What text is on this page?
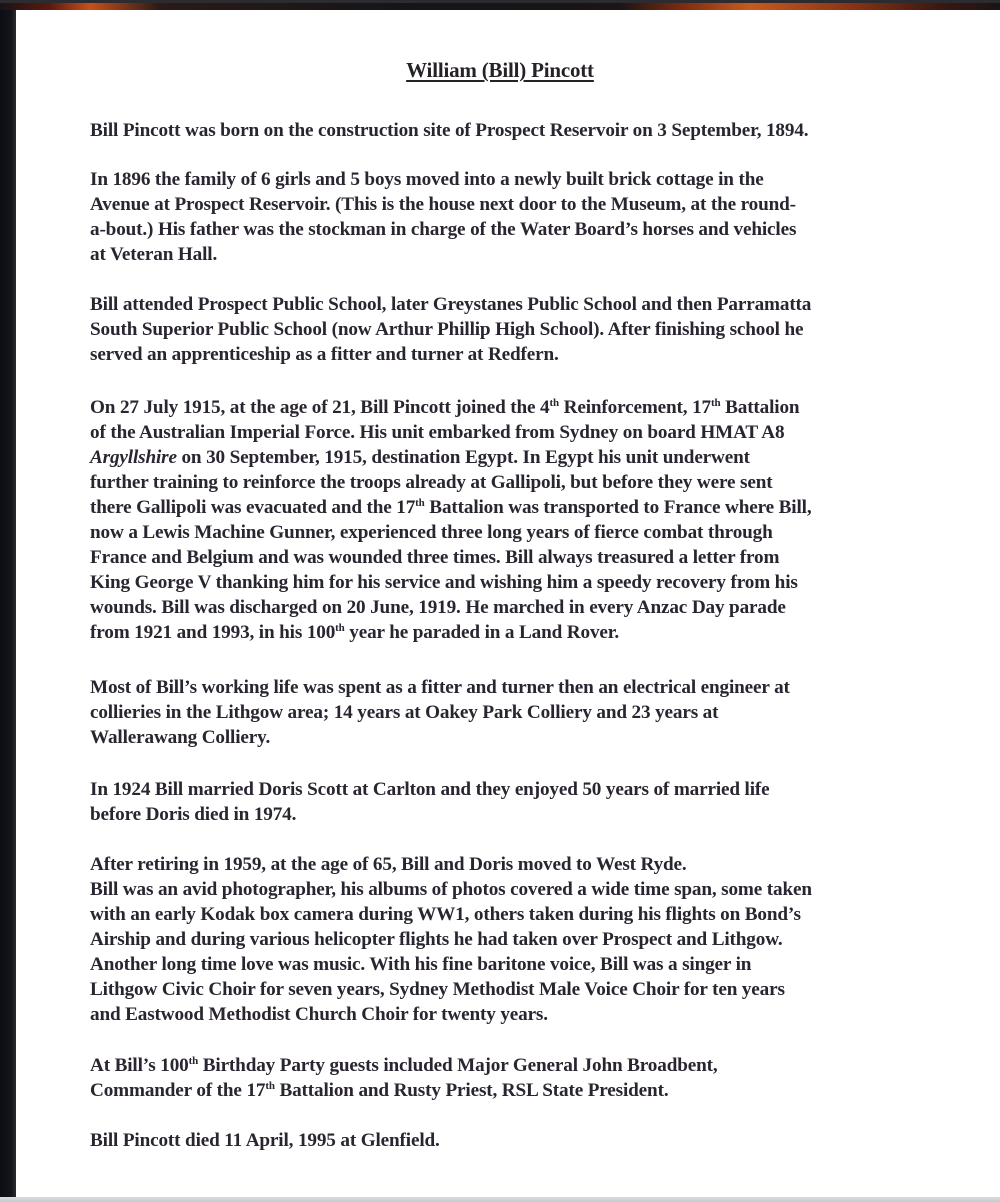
William (Bill) Pincott
Bill Pincott was born on the construction site of Prospect Reservoir on 3 September, 1894.
In 1896 the family of 6 girls and 5 boys moved into a newly built brick cottage in the
Avenue at Prospect Reservoir. (This is the house next door to the Museum, at the round-
a-bout.) His father was the stockman in charge of the Water Board’s horses and vehicles
at Veteran Hall.
Bill attended Prospect Public School, later Greystanes Public School and then Parramatta
South Superior Public School (now Arthur Phillip High School). After finishing school he
served an apprenticeship as a fitter and turner at Redfern.
On 27 July 1915, at the age of 21, Bill Pincott joined the 4th Reinforcement, 17th Battalion
of the Australian Imperial Force. His unit embarked from Sydney on board HMAT A8
Argyllshire on 30 September, 1915, destination Egypt. In Egypt his unit underwent
further training to reinforce the troops already at Gallipoli, but before they were sent
there Gallipoli was evacuated and the 17th Battalion was transported to France where Bill,
now a Lewis Machine Gunner, experienced three long years of fierce combat through
France and Belgium and was wounded three times. Bill always treasured a letter from
King George V thanking him for his service and wishing him a speedy recovery from his
wounds. Bill was discharged on 20 June, 1919. He marched in every Anzac Day parade
from 1921 and 1993, in his 100th year he paraded in a Land Rover.
Most of Bill’s working life was spent as a fitter and turner then an electrical engineer at
collieries in the Lithgow area; 14 years at Oakey Park Colliery and 23 years at
Wallerawang Colliery.
In 1924 Bill married Doris Scott at Carlton and they enjoyed 50 years of married life
before Doris died in 1974.
After retiring in 1959, at the age of 65, Bill and Doris moved to West Ryde.
Bill was an avid photographer, his albums of photos covered a wide time span, some taken
with an early Kodak box camera during WW1, others taken during his flights on Bond’s
Airship and during various helicopter flights he had taken over Prospect and Lithgow.
Another long time love was music. With his fine baritone voice, Bill was a singer in
Lithgow Civic Choir for seven years, Sydney Methodist Male Voice Choir for ten years
and Eastwood Methodist Church Choir for twenty years.
At Bill’s 100th Birthday Party guests included Major General John Broadbent,
Commander of the 17th Battalion and Rusty Priest, RSL State President.
Bill Pincott died 11 April, 1995 at Glenfield.
